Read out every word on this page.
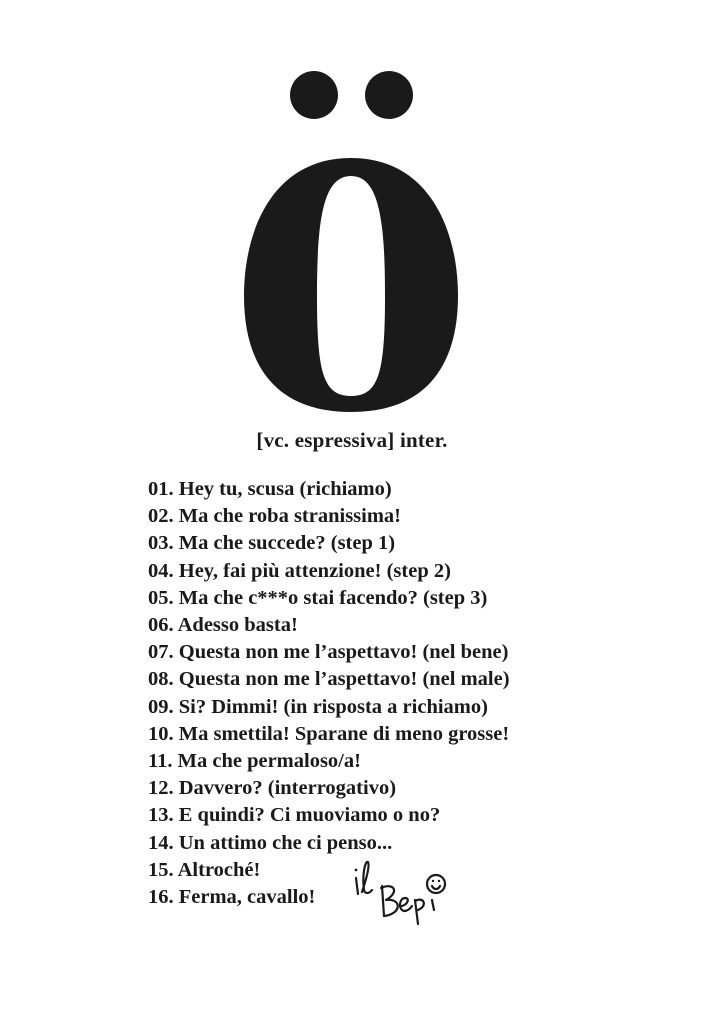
[vc. espressiva] inter.
01. Hey tu, scusa (richiamo)
02. Ma che roba stranissima!
03. Ma che succede? (step 1)
04. Hey, fai più attenzione! (step 2)
05. Ma che c***o stai facendo? (step 3)
06. Adesso basta!
07. Questa non me l’aspettavo! (nel bene)
08. Questa non me l’aspettavo! (nel male)
09. Si? Dimmi! (in risposta a richiamo)
10. Ma smettila! Sparane di meno grosse!
11. Ma che permaloso/a!
12. Davvero? (interrogativo)
13. E quindi? Ci muoviamo o no?
14. Un attimo che ci penso...
15. Altroché!
16. Ferma, cavallo!
